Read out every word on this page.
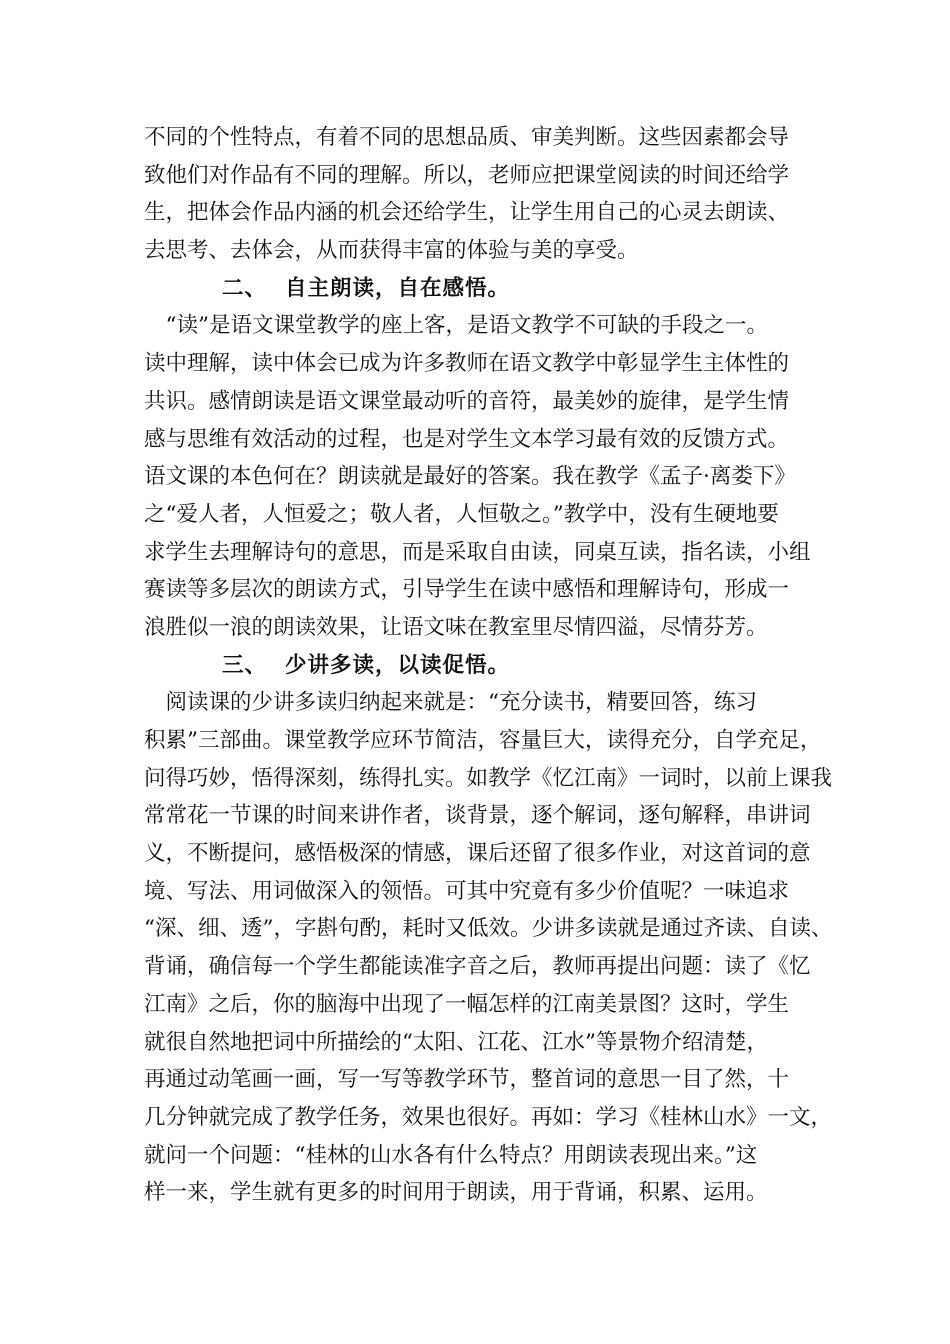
不同的个性特点，有着不同的思想品质、审美判断。这些因素都会导
致他们对作品有不同的理解。所以，老师应把课堂阅读的时间还给学
生，把体会作品内涵的机会还给学生，让学生用自己的心灵去朗读、
去思考、去体会，从而获得丰富的体验与美的享受。
二、 自主朗读，自在感悟。
　“读”是语文课堂教学的座上客，是语文教学不可缺的手段之一。
读中理解，读中体会已成为许多教师在语文教学中彰显学生主体性的
共识。感情朗读是语文课堂最动听的音符，最美妙的旋律，是学生情
感与思维有效活动的过程，也是对学生文本学习最有效的反馈方式。
语文课的本色何在？朗读就是最好的答案。我在教学《孟子·离娄下》
之“爱人者，人恒爱之；敬人者，人恒敬之。”教学中，没有生硬地要
求学生去理解诗句的意思，而是采取自由读，同桌互读，指名读，小组
赛读等多层次的朗读方式，引导学生在读中感悟和理解诗句，形成一
浪胜似一浪的朗读效果，让语文味在教室里尽情四溢，尽情芬芳。
三、 少讲多读，以读促悟。
　阅读课的少讲多读归纳起来就是：“充分读书，精要回答，练习
积累”三部曲。课堂教学应环节简洁，容量巨大，读得充分，自学充足，
问得巧妙，悟得深刻，练得扎实。如教学《忆江南》一词时，以前上课我
常常花一节课的时间来讲作者，谈背景，逐个解词，逐句解释，串讲词
义，不断提问，感悟极深的情感，课后还留了很多作业，对这首词的意
境、写法、用词做深入的领悟。可其中究竟有多少价值呢？一味追求
“深、细、透”，字斟句酌，耗时又低效。少讲多读就是通过齐读、自读、
背诵，确信每一个学生都能读准字音之后，教师再提出问题：读了《忆
江南》之后，你的脑海中出现了一幅怎样的江南美景图？这时，学生
就很自然地把词中所描绘的“太阳、江花、江水”等景物介绍清楚，
再通过动笔画一画，写一写等教学环节，整首词的意思一目了然，十
几分钟就完成了教学任务，效果也很好。再如：学习《桂林山水》一文，
就问一个问题：“桂林的山水各有什么特点？用朗读表现出来。”这
样一来，学生就有更多的时间用于朗读，用于背诵，积累、运用。
